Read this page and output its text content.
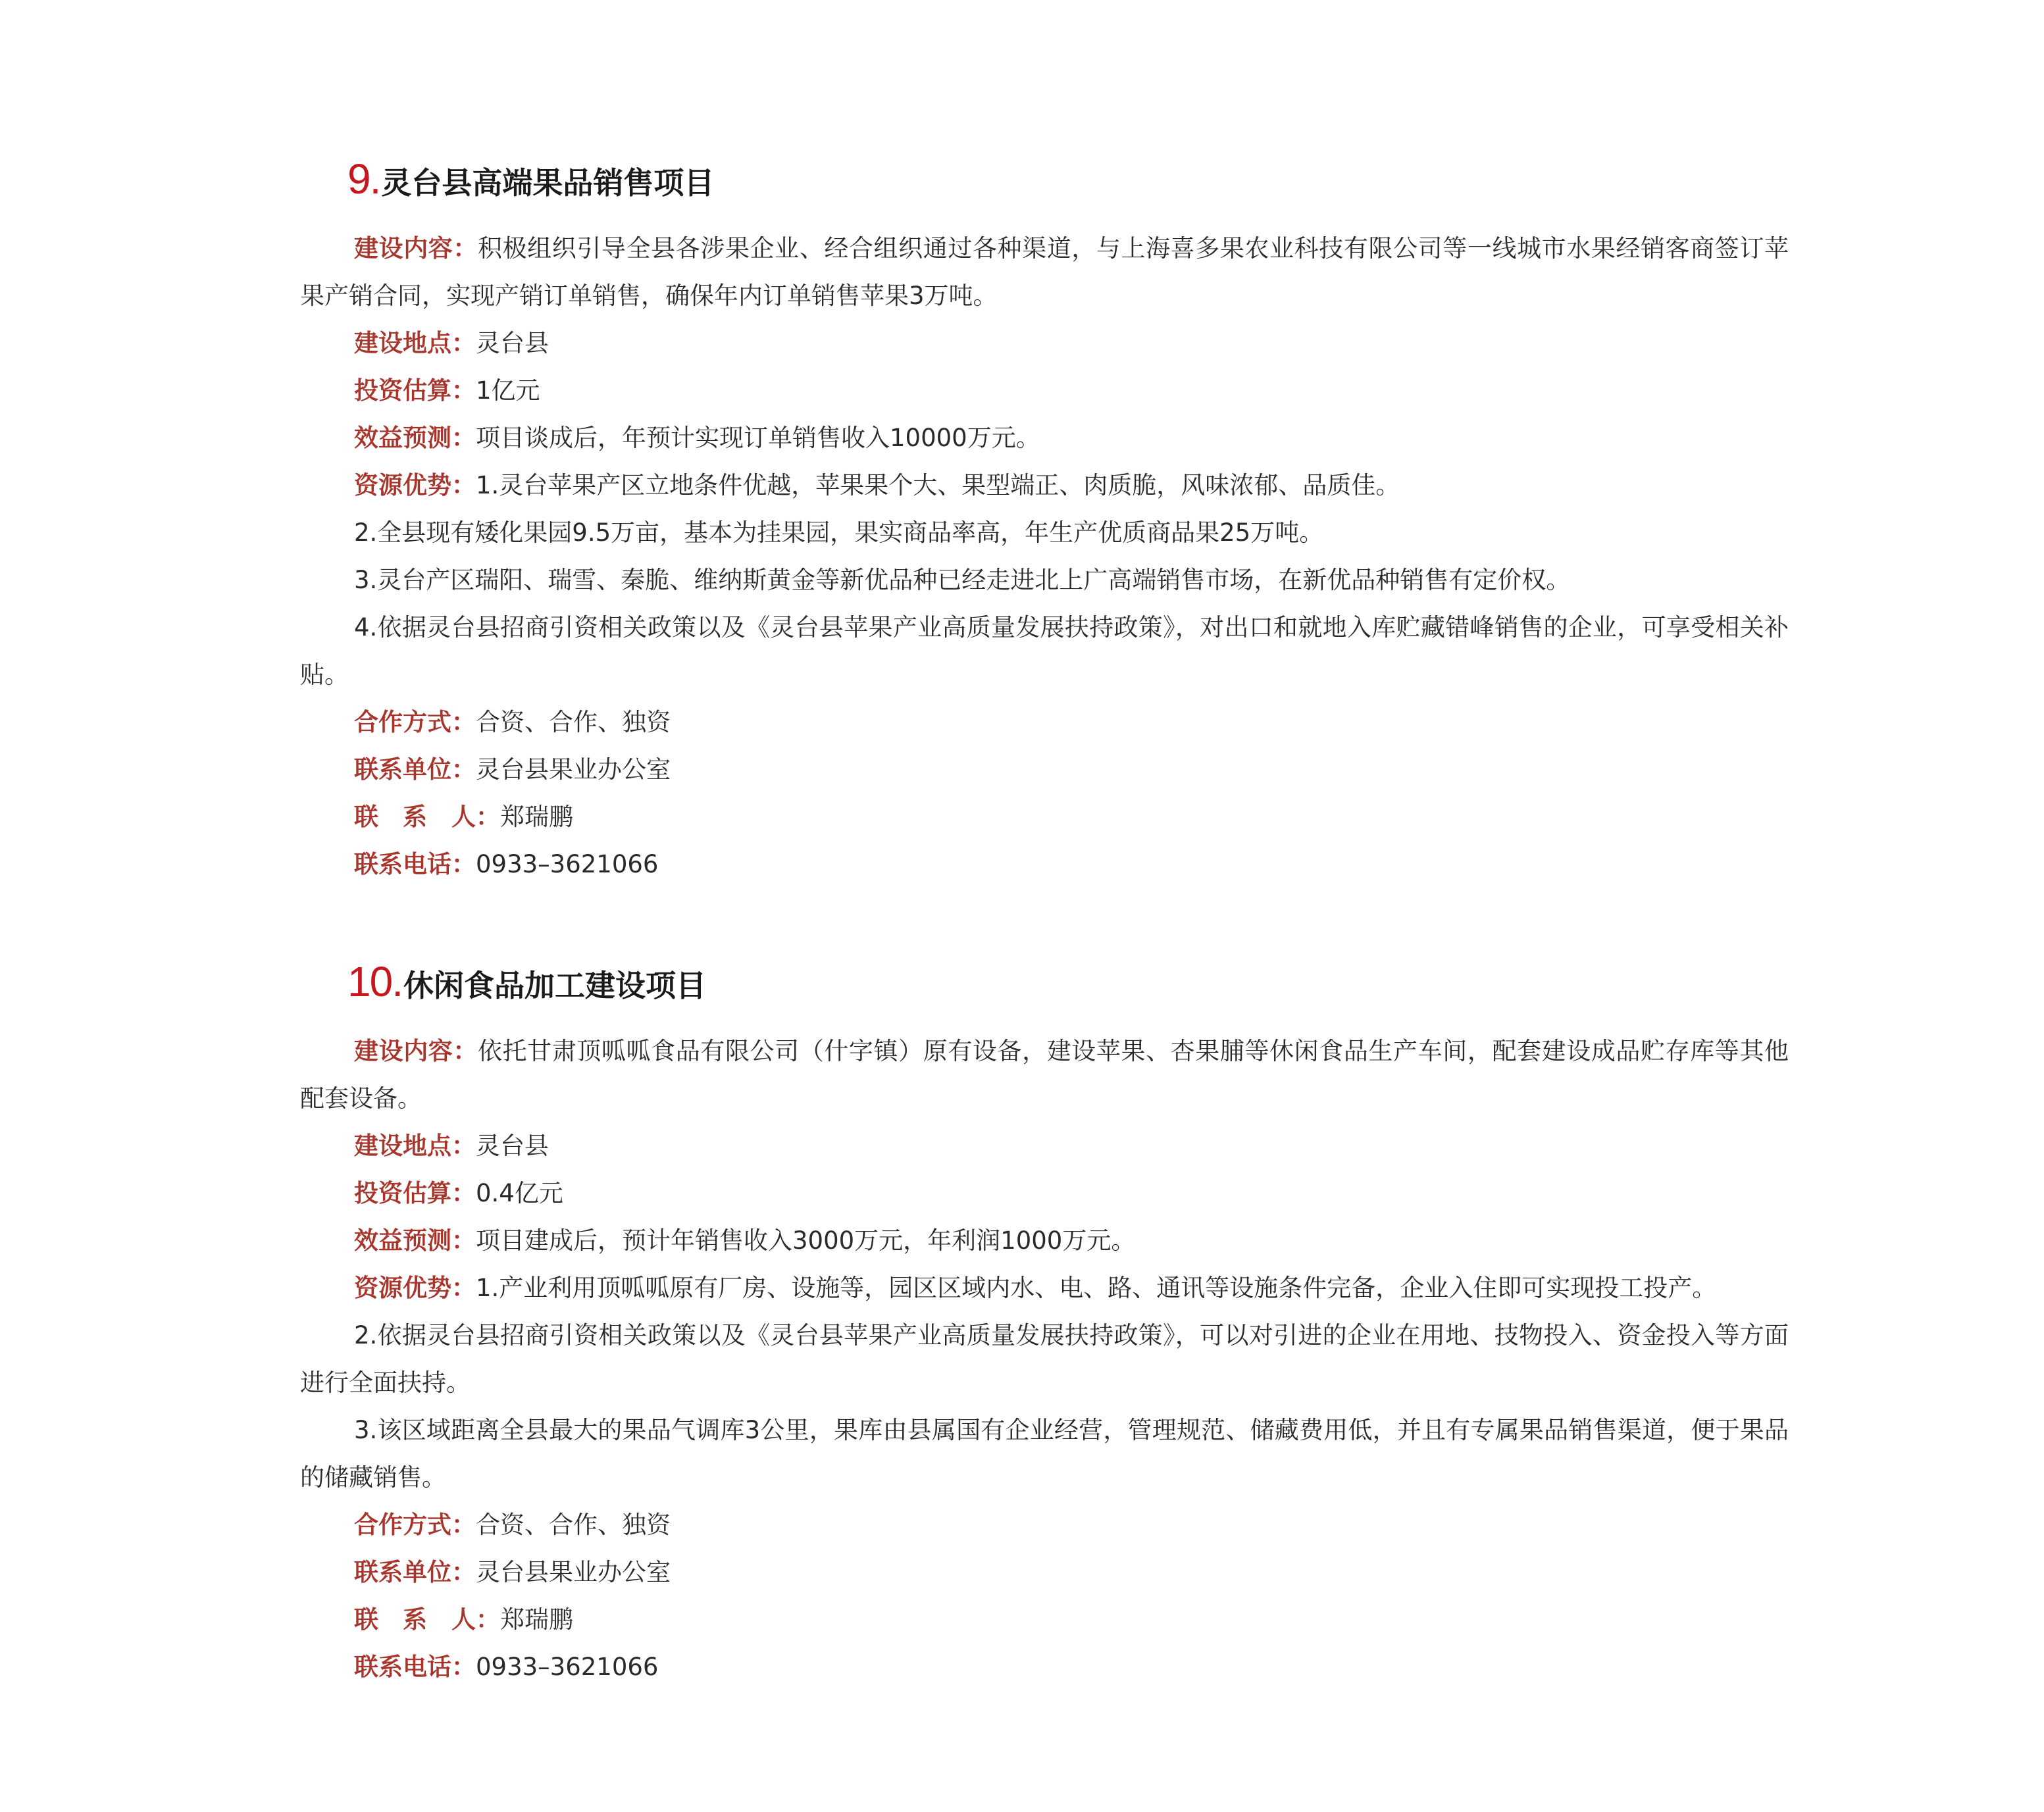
9. 灵台县高端果品销售项目
建设内容：积极组织引导全县各涉果企业、经合组织通过各种渠道，与上海喜多果农业科技有限公司等一线城市水果经销客商签订苹果产销合同，实现产销订单销售，确保年内订单销售苹果3万吨。
建设地点：灵台县
投资估算：1亿元
效益预测：项目谈成后，年预计实现订单销售收入10000万元。
资源优势：1.灵台苹果产区立地条件优越，苹果果个大、果型端正、肉质脆，风味浓郁、品质佳。
2.全县现有矮化果园9.5万亩，基本为挂果园，果实商品率高，年生产优质商品果25万吨。
3.灵台产区瑞阳、瑞雪、秦脆、维纳斯黄金等新优品种已经走进北上广高端销售市场，在新优品种销售有定价权。
4.依据灵台县招商引资相关政策以及《灵台县苹果产业高质量发展扶持政策》，对出口和就地入库贮藏错峰销售的企业，可享受相关补贴。
合作方式：合资、合作、独资
联系单位：灵台县果业办公室
联　系　人：郑瑞鹏
联系电话：0933–3621066
10. 休闲食品加工建设项目
建设内容：依托甘肃顶呱呱食品有限公司（什字镇）原有设备，建设苹果、杏果脯等休闲食品生产车间，配套建设成品贮存库等其他配套设备。
建设地点：灵台县
投资估算：0.4亿元
效益预测：项目建成后，预计年销售收入3000万元，年利润1000万元。
资源优势：1.产业利用顶呱呱原有厂房、设施等，园区区域内水、电、路、通讯等设施条件完备，企业入住即可实现投工投产。
2.依据灵台县招商引资相关政策以及《灵台县苹果产业高质量发展扶持政策》，可以对引进的企业在用地、技物投入、资金投入等方面进行全面扶持。
3.该区域距离全县最大的果品气调库3公里，果库由县属国有企业经营，管理规范、储藏费用低，并且有专属果品销售渠道，便于果品的储藏销售。
合作方式：合资、合作、独资
联系单位：灵台县果业办公室
联　系　人：郑瑞鹏
联系电话：0933–3621066
